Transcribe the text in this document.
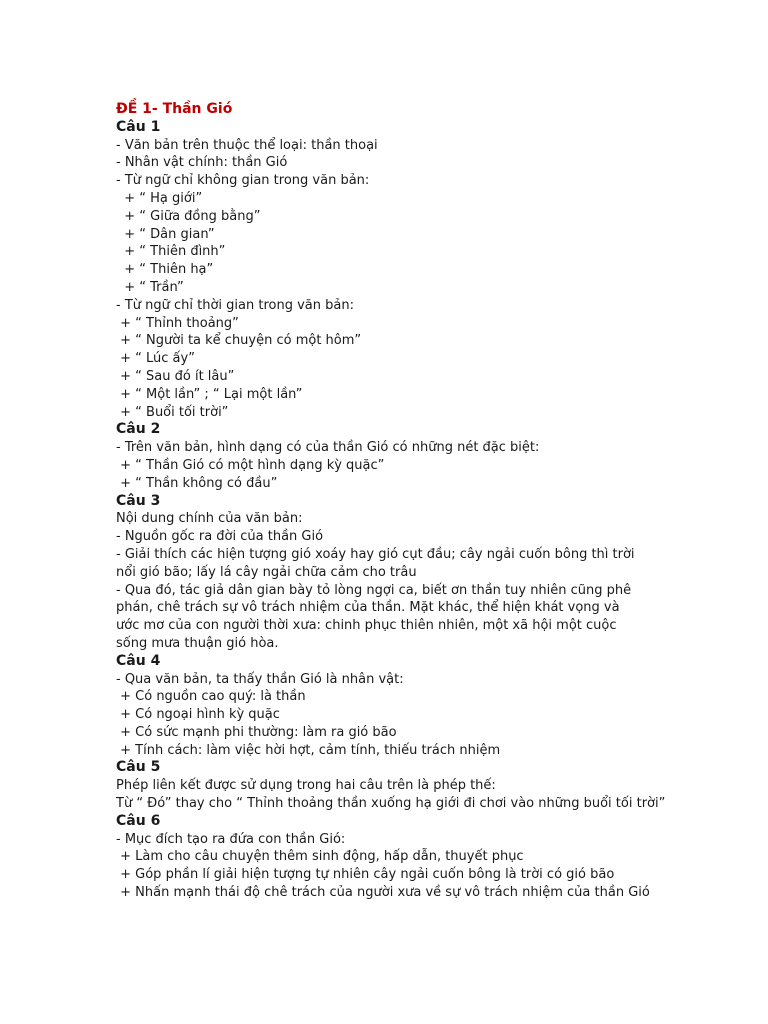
ĐỀ 1- Thần Gió
Câu 1
- Văn bản trên thuộc thể loại: thần thoại
- Nhân vật chính: thần Gió
- Từ ngữ chỉ không gian trong văn bản:
+ “ Hạ giới”
+ “ Giữa đồng bằng”
+ “ Dân gian”
+ “ Thiên đình”
+ “ Thiên hạ”
+ “ Trần”
- Từ ngữ chỉ thời gian trong văn bản:
+ “ Thỉnh thoảng”
+ “ Người ta kể chuyện có một hôm”
+ “ Lúc ấy”
+ “ Sau đó ít lâu”
+ “ Một lần” ; “ Lại một lần”
+ “ Buổi tối trời”
Câu 2
- Trên văn bản, hình dạng có của thần Gió có những nét đặc biệt:
+ “ Thần Gió có một hình dạng kỳ quặc”
+ “ Thần không có đầu”
Câu 3
Nội dung chính của văn bản:
- Nguồn gốc ra đời của thần Gió
- Giải thích các hiện tượng gió xoáy hay gió cụt đầu; cây ngải cuốn bông thì trời nổi gió bão; lấy lá cây ngải chữa cảm cho trâu
- Qua đó, tác giả dân gian bày tỏ lòng ngợi ca, biết ơn thần tuy nhiên cũng phê phán, chê trách sự vô trách nhiệm của thần. Mặt khác, thể hiện khát vọng và ước mơ của con người thời xưa: chinh phục thiên nhiên, một xã hội một cuộc sống mưa thuận gió hòa.
Câu 4
- Qua văn bản, ta thấy thần Gió là nhân vật:
+ Có nguồn cao quý: là thần
+ Có ngoại hình kỳ quặc
+ Có sức mạnh phi thường: làm ra gió bão
+ Tính cách: làm việc hời hợt, cảm tính, thiếu trách nhiệm
Câu 5
Phép liên kết được sử dụng trong hai câu trên là phép thế:
Từ “ Đó” thay cho “ Thỉnh thoảng thần xuống hạ giới đi chơi vào những buổi tối trời”
Câu 6
- Mục đích tạo ra đứa con thần Gió:
+ Làm cho câu chuyện thêm sinh động, hấp dẫn, thuyết phục
+ Góp phần lí giải hiện tượng tự nhiên cây ngải cuốn bông là trời có gió bão
+ Nhấn mạnh thái độ chê trách của người xưa về sự vô trách nhiệm của thần Gió
